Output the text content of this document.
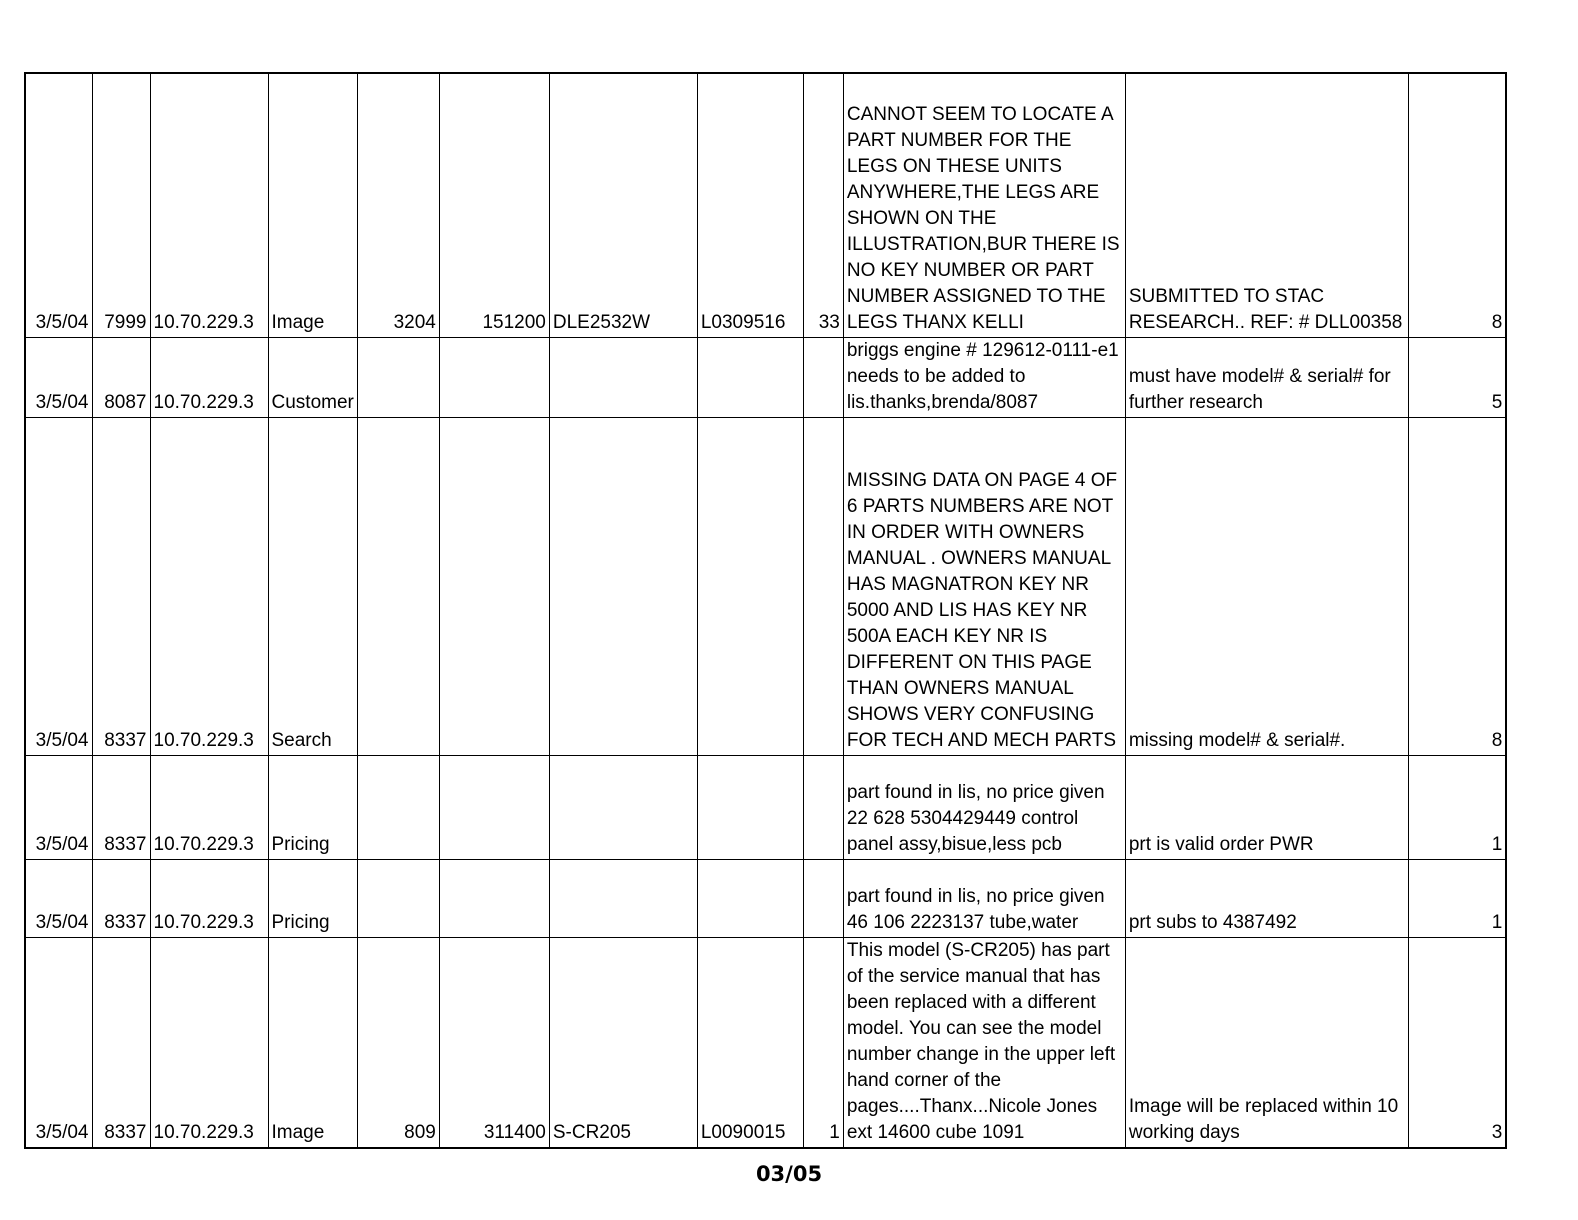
3/5/04	7999	10.70.229.3	Image	3204	151200	DLE2532W	L0309516	33	CANNOT SEEM TO LOCATE A PART NUMBER FOR THE LEGS ON THESE UNITS ANYWHERE,THE LEGS ARE SHOWN ON THE ILLUSTRATION,BUR THERE IS NO KEY NUMBER OR PART NUMBER ASSIGNED TO THE LEGS THANX KELLI	SUBMITTED TO STAC RESEARCH.. REF: # DLL00358	8
3/5/04	8087	10.70.229.3	Customer						briggs engine # 129612-0111-e1 needs to be added to lis.thanks,brenda/8087	must have model# & serial# for further research	5
3/5/04	8337	10.70.229.3	Search						MISSING DATA ON PAGE 4 OF 6 PARTS NUMBERS ARE NOT IN ORDER WITH OWNERS MANUAL . OWNERS MANUAL HAS MAGNATRON KEY NR 5000 AND LIS HAS KEY NR 500A EACH KEY NR IS DIFFERENT ON THIS PAGE THAN OWNERS MANUAL SHOWS VERY CONFUSING FOR TECH AND MECH PARTS	missing model# & serial#.	8
3/5/04	8337	10.70.229.3	Pricing						part found in lis, no price given 22 628 5304429449 control panel assy,bisue,less pcb	prt is valid order PWR	1
3/5/04	8337	10.70.229.3	Pricing						part found in lis, no price given 46 106 2223137 tube,water	prt subs to 4387492	1
3/5/04	8337	10.70.229.3	Image	809	311400	S-CR205	L0090015	1	This model (S-CR205) has part of the service manual that has been replaced with a different model. You can see the model number change in the upper left hand corner of the pages....Thanx...Nicole Jones ext 14600 cube 1091	Image will be replaced within 10 working days	3
03/05
